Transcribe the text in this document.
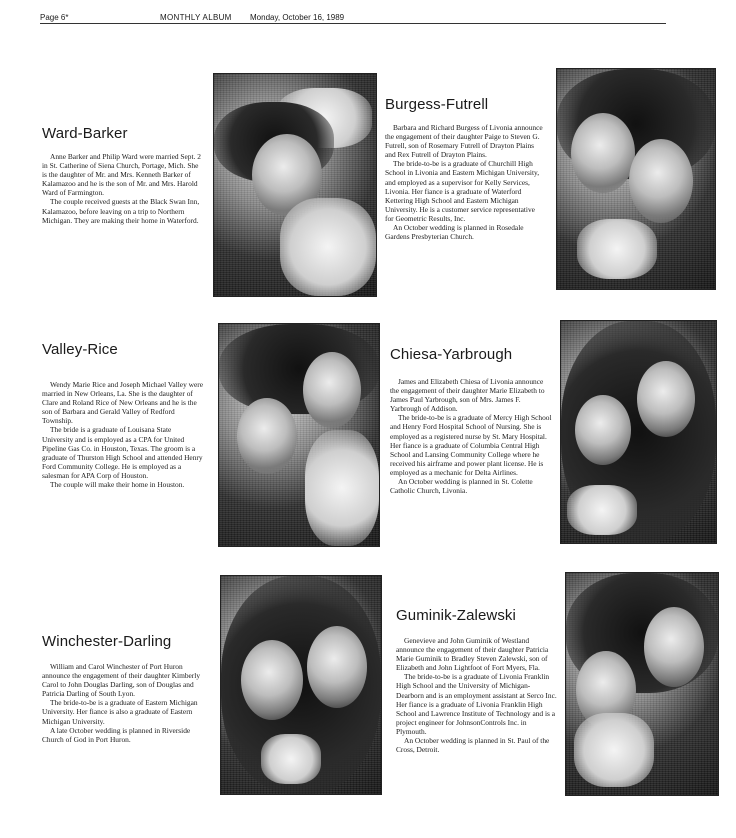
Page 6*	MONTHLY ALBUM Monday, October 16, 1989
Ward-Barker

Anne Barker and Philip Ward were married Sept. 2 in St. Catherine of Siena Church, Portage, Mich. She is the daughter of Mr. and Mrs. Kenneth Barker of Kalamazoo and he is the son of Mr. and Mrs. Harold Ward of Farmington.

The couple received guests at the Black Swan Inn, Kalamazoo, before leaving on a trip to Northern Michigan. They are making their home in Waterford.

Burgess-Futrell

Barbara and Richard Burgess of Livonia announce the engagement of their daughter Paige to Steven G. Futrell, son of Rosemary Futrell of Drayton Plains and Rex Futrell of Drayton Plains.

The bride-to-be is a graduate of Churchill High School in Livonia and Eastern Michigan University, and employed as a supervisor for Kelly Services, Livonia. Her fiance is a graduate of Waterford Kettering High School and Eastern Michigan University. He is a customer service representative for Geometric Results, Inc.

An October wedding is planned in Rosedale Gardens Presbyterian Church.

Valley-Rice

Wendy Marie Rice and Joseph Michael Valley were married in New Orleans, La. She is the daughter of Clare and Roland Rice of New Orleans and he is the son of Barbara and Gerald Valley of Redford Township.

The bride is a graduate of Louisana State University and is employed as a CPA for United Pipeline Gas Co. in Houston, Texas. The groom is a graduate of Thurston High School and attended Henry Ford Community College. He is employed as a salesman for APA Corp of Houston.

The couple will make their home in Houston.

Chiesa-Yarbrough

James and Elizabeth Chiesa of Livonia announce the engagement of their daughter Marie Elizabeth to James Paul Yarbrough, son of Mrs. James F. Yarbrough of Addison.

The bride-to-be is a graduate of Mercy High School and Henry Ford Hospital School of Nursing. She is employed as a registered nurse by St. Mary Hospital. Her fiance is a graduate of Columbia Central High School and Lansing Community College where he received his airframe and power plant license. He is employed as a mechanic for Delta Airlines.

An October wedding is planned in St. Colette Catholic Church, Livonia.

Winchester-Darling

William and Carol Winchester of Port Huron announce the engagement of their daughter Kimberly Carol to John Douglas Darling, son of Douglas and Patricia Darling of South Lyon.

The bride-to-be is a graduate of Eastern Michigan University. Her fiance is also a graduate of Eastern Michigan University.

A late October wedding is planned in Riverside Church of God in Port Huron.

Guminik-Zalewski

Genevieve and John Guminik of Westland announce the engagement of their daughter Patricia Marie Guminik to Bradley Steven Zalewski, son of Elizabeth and John Lightfoot of Fort Myers, Fla.

The bride-to-be is a graduate of Livonia Franklin High School and the University of Michigan-Dearborn and is an employment assistant at Serco Inc. Her fiance is a graduate of Livonia Franklin High School and Lawrence Institute of Technology and is a project engineer for JohnsonControls Inc. in Plymouth.

An October wedding is planned in St. Paul of the Cross, Detroit.
